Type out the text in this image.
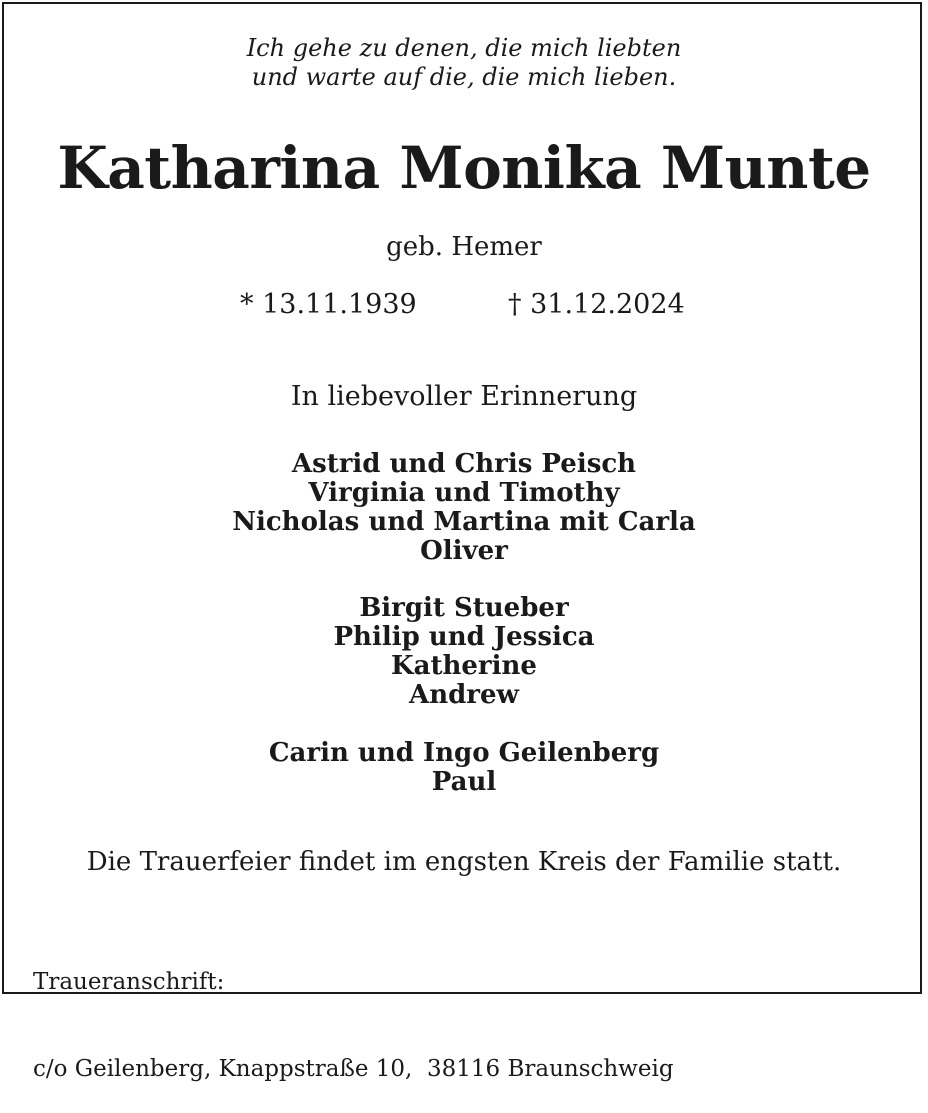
Ich gehe zu denen, die mich liebten
und warte auf die, die mich lieben.
Katharina Monika Munte
geb. Hemer
* 13.11.1939	† 31.12.2024
In liebevoller Erinnerung
Astrid und Chris Peisch
Virginia und Timothy
Nicholas und Martina mit Carla
Oliver
Birgit Stueber
Philip und Jessica
Katherine
Andrew
Carin und Ingo Geilenberg
Paul
Die Trauerfeier findet im engsten Kreis der Familie statt.

Traueranschrift:

c/o Geilenberg, Knappstraße 10,  38116 Braunschweig
